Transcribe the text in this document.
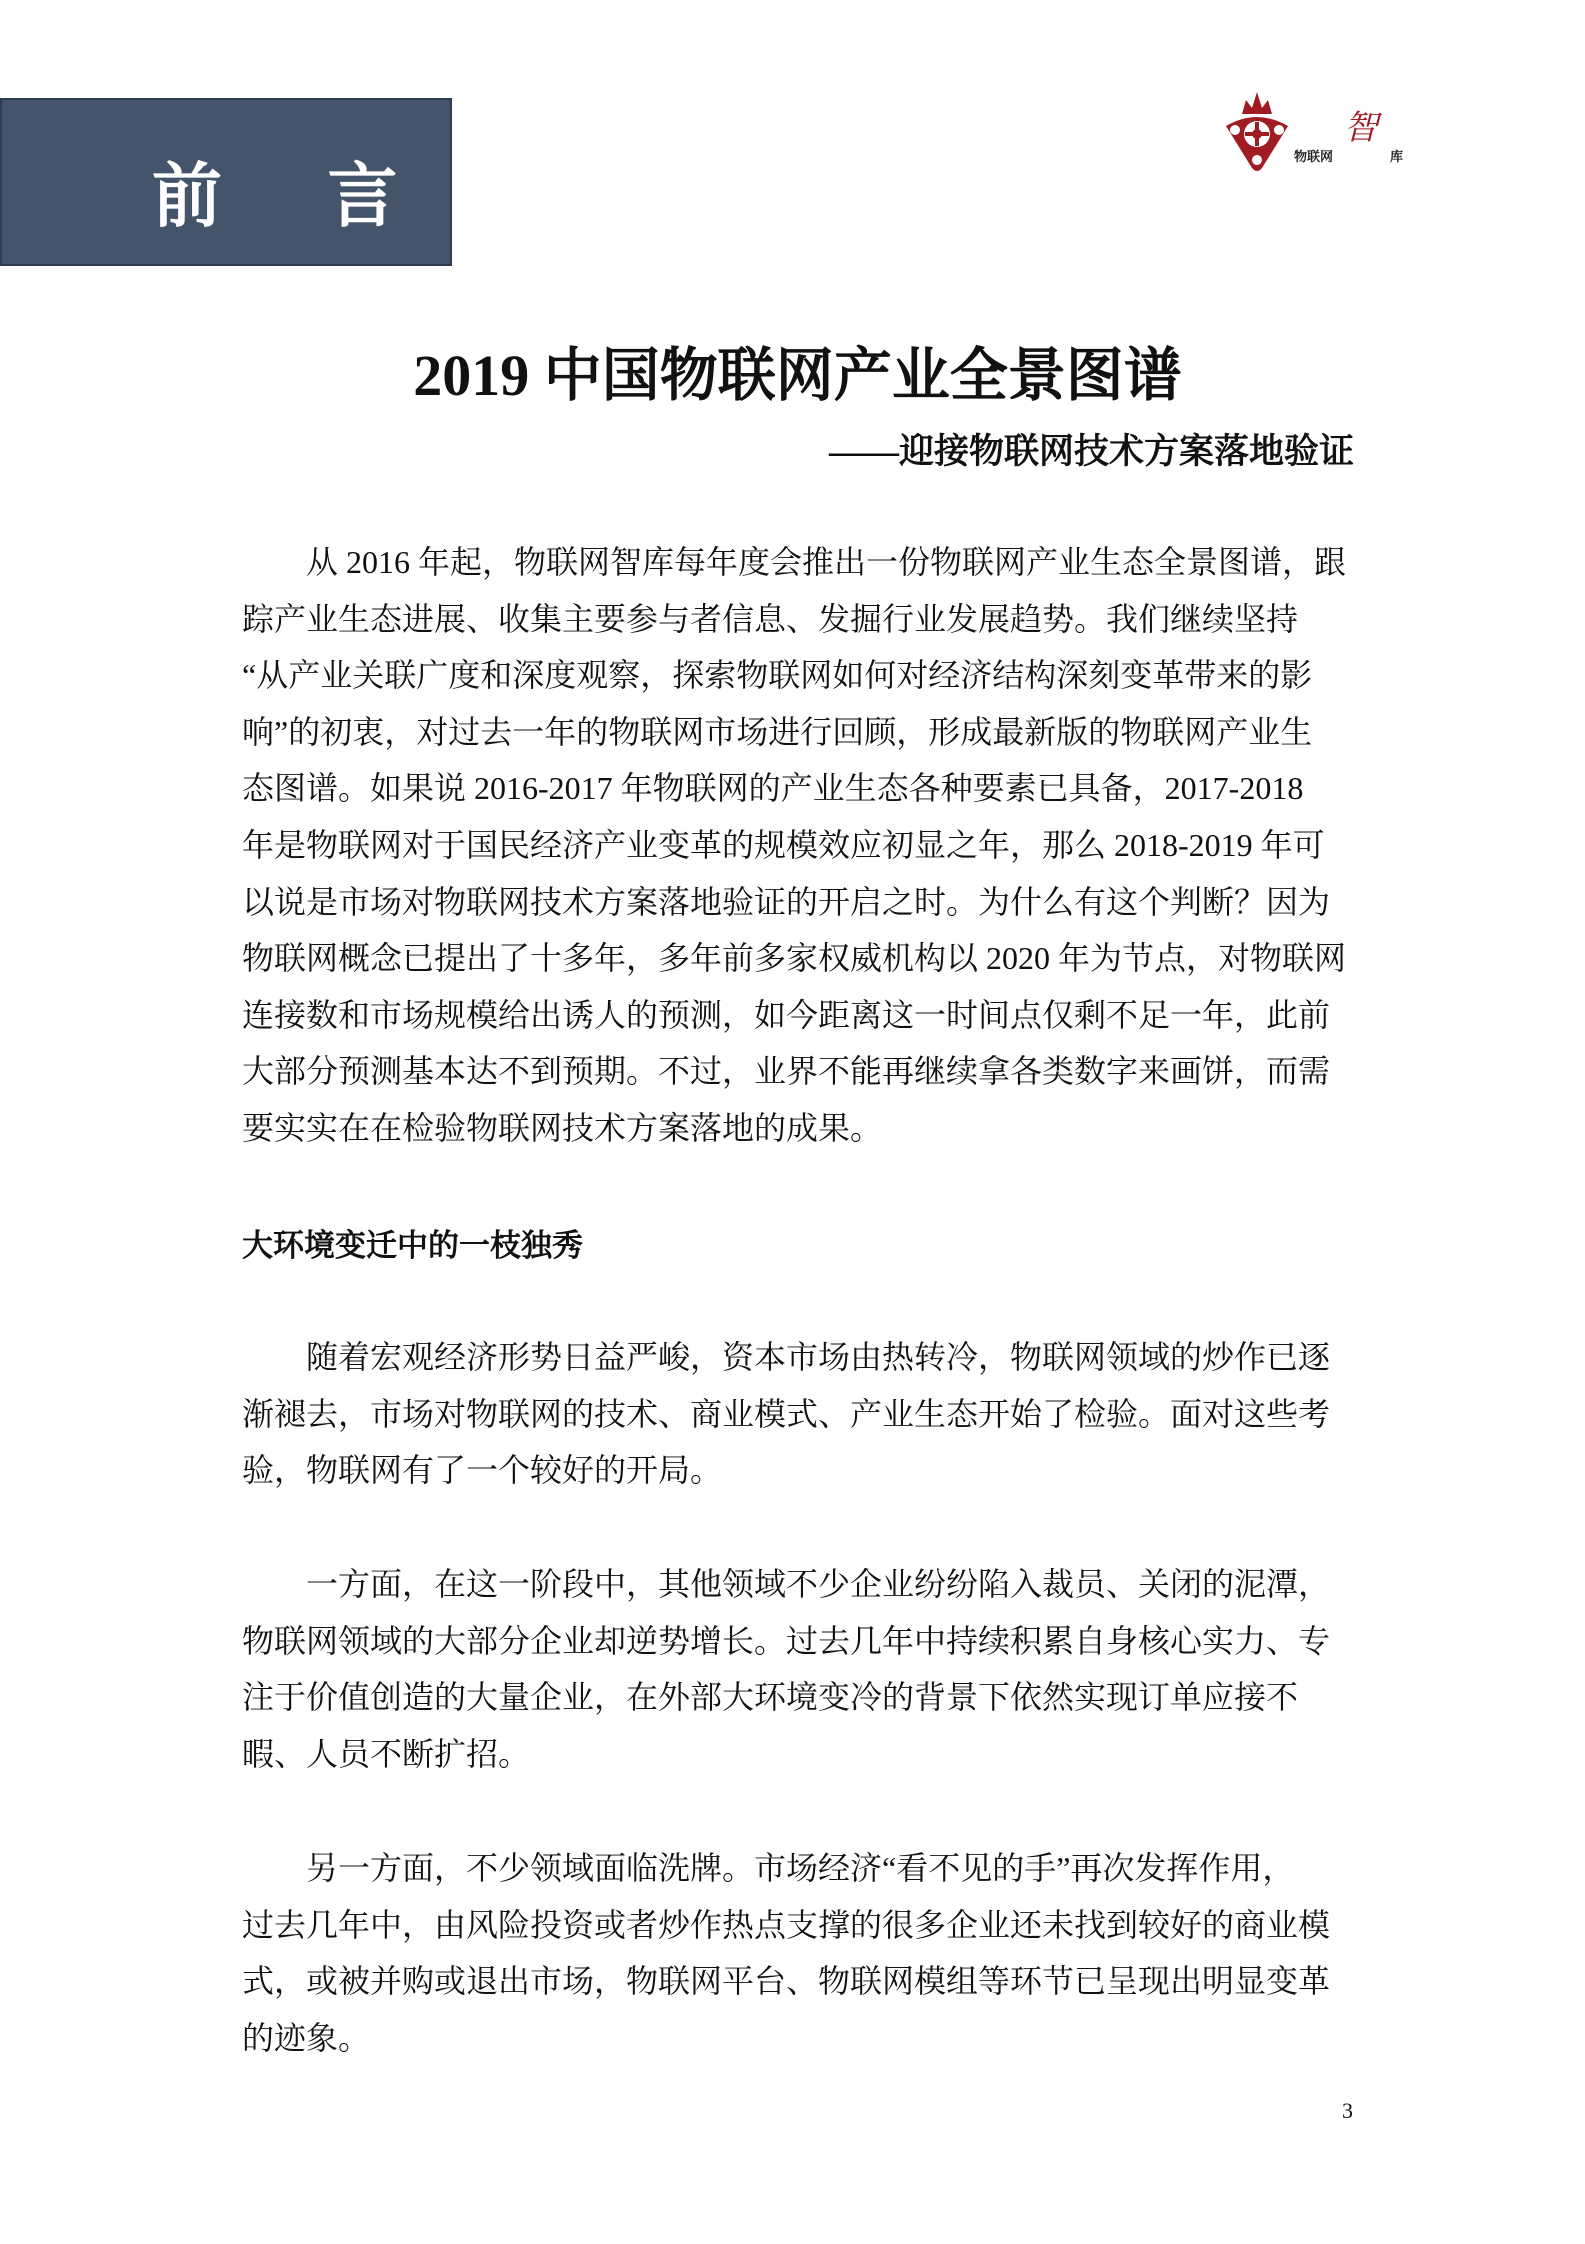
前 言
物联网
智
库
2019 中国物联网产业全景图谱
——迎接物联网技术方案落地验证
从 2016 年起，物联网智库每年度会推出一份物联网产业生态全景图谱，跟
踪产业生态进展、收集主要参与者信息、发掘行业发展趋势。我们继续坚持
“从产业关联广度和深度观察，探索物联网如何对经济结构深刻变革带来的影
响”的初衷，对过去一年的物联网市场进行回顾，形成最新版的物联网产业生
态图谱。如果说 2016-2017 年物联网的产业生态各种要素已具备，2017-2018
年是物联网对于国民经济产业变革的规模效应初显之年，那么 2018-2019 年可
以说是市场对物联网技术方案落地验证的开启之时。为什么有这个判断？因为
物联网概念已提出了十多年，多年前多家权威机构以 2020 年为节点，对物联网
连接数和市场规模给出诱人的预测，如今距离这一时间点仅剩不足一年，此前
大部分预测基本达不到预期。不过，业界不能再继续拿各类数字来画饼，而需
要实实在在检验物联网技术方案落地的成果。
大环境变迁中的一枝独秀
随着宏观经济形势日益严峻，资本市场由热转冷，物联网领域的炒作已逐
渐褪去，市场对物联网的技术、商业模式、产业生态开始了检验。面对这些考
验，物联网有了一个较好的开局。
一方面，在这一阶段中，其他领域不少企业纷纷陷入裁员、关闭的泥潭，
物联网领域的大部分企业却逆势增长。过去几年中持续积累自身核心实力、专
注于价值创造的大量企业，在外部大环境变冷的背景下依然实现订单应接不
暇、人员不断扩招。
另一方面，不少领域面临洗牌。市场经济“看不见的手”再次发挥作用，
过去几年中，由风险投资或者炒作热点支撑的很多企业还未找到较好的商业模
式，或被并购或退出市场，物联网平台、物联网模组等环节已呈现出明显变革
的迹象。
3
